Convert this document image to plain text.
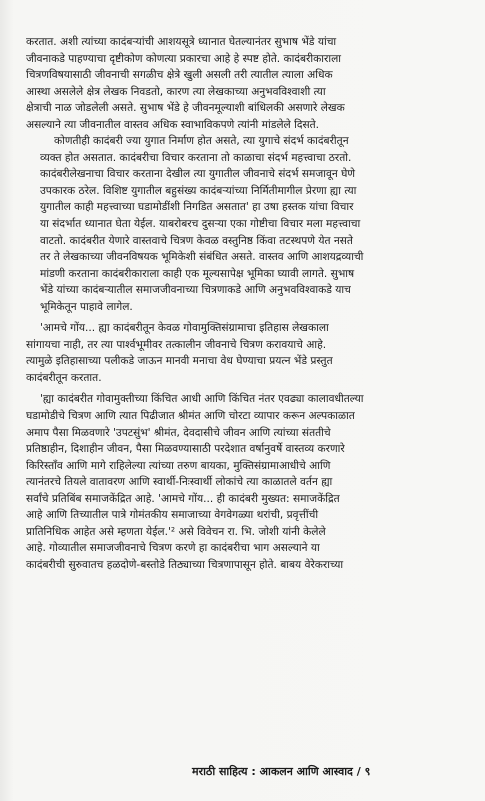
करतात. अशी त्यांच्या कादंबऱ्यांची आशयसूत्रे ध्यानात घेतल्यानंतर सुभाष भेंडे यांचा
जीवनाकडे पाहण्याचा दृष्टीकोण कोणत्या प्रकारचा आहे हे स्पष्ट होते. कादंबरीकाराला
चित्रणविषयासाठी जीवनाची सगळीच क्षेत्रे खुली असली तरी त्यातील त्याला अधिक
आस्था असलेले क्षेत्र लेखक निवडतो, कारण त्या लेखकाच्या अनुभवविश्वाशी त्या
क्षेत्राची नाळ जोडलेली असते. सुभाष भेंडे हे जीवनमूल्याशी बांधिलकी असणारे लेखक
असल्याने त्या जीवनातील वास्तव अधिक स्वाभाविकपणे त्यांनी मांडलेले दिसते.
कोणतीही कादंबरी ज्या युगात निर्माण होत असते, त्या युगाचे संदर्भ कादंबरीतून
व्यक्त होत असतात. कादंबरीचा विचार करताना तो काळाचा संदर्भ महत्त्वाचा ठरतो.
कादंबरीलेखनाचा विचार करताना देखील त्या युगातील जीवनाचे संदर्भ समजावून घेणे
उपकारक ठरेल. विशिष्ट युगातील बहुसंख्य कादंबऱ्यांच्या निर्मितीमागील प्रेरणा ह्या त्या
युगातील काही महत्त्वाच्या घडामोडींशी निगडित असतात' हा उषा हस्तक यांचा विचार
या संदर्भात ध्यानात घेता येईल. याबरोबरच दुसऱ्या एका गोष्टीचा विचार मला महत्त्वाचा
वाटतो. कादंबरीत येणारे वास्तवाचे चित्रण केवळ वस्तुनिष्ठ किंवा तटस्थपणे येत नसते
तर ते लेखकाच्या जीवनविषयक भूमिकेशी संबंधित असते. वास्तव आणि आशयद्रव्याची
मांडणी करताना कादंबरीकाराला काही एक मूल्यसापेक्ष भूमिका घ्यावी लागते. सुभाष
भेंडे यांच्या कादंबऱ्यातील समाजजीवनाच्या चित्रणाकडे आणि अनुभवविश्वाकडे याच
भूमिकेतून पाहावे लागेल.
'आमचे गोंय... ह्या कादंबरीतून केवळ गोवामुक्तिसंग्रामाचा इतिहास लेखकाला
सांगायचा नाही, तर त्या पार्श्वभूमीवर तत्कालीन जीवनाचे चित्रण करावयाचे आहे.
त्यामुळे इतिहासाच्या पलीकडे जाऊन मानवी मनाचा वेध घेण्याचा प्रयत्न भेंडे प्रस्तुत
कादंबरीतून करतात.
'ह्या कादंबरीत गोवामुक्तीच्या किंचित आधी आणि किंचित नंतर एवढ्या कालावधीतल्या
घडामोडीचे चित्रण आणि त्यात पिढीजात श्रीमंत आणि चोरटा व्यापार करून अल्पकाळात
अमाप पैसा मिळवणारे 'उपटसुंभ' श्रीमंत, देवदासीचे जीवन आणि त्यांच्या संततीचे
प्रतिष्ठाहीन, दिशाहीन जीवन, पैसा मिळवण्यासाठी परदेशात वर्षानुवर्षे वास्तव्य करणारे
किरिस्ताँव आणि मागे राहिलेल्या त्यांच्या तरुण बायका, मुक्तिसंग्रामाआधीचे आणि
त्यानंतरचे तियले वातावरण आणि स्वार्थी-निःस्वार्थी लोकांचे त्या काळातले वर्तन ह्या
सर्वांचे प्रतिबिंब समाजकेंद्रित आहे. 'आमचे गोंय... ही कादंबरी मुख्यत: समाजकेंद्रित
आहे आणि तिच्यातील पात्रे गोमंतकीय समाजाच्या वेगवेगळ्या थरांची, प्रवृत्तींची
प्रातिनिधिक आहेत असे म्हणता येईल.'² असे विवेचन रा. भि. जोशी यांनी केलेले
आहे. गोव्यातील समाजजीवनाचे चित्रण करणे हा कादंबरीचा भाग असल्याने या
कादंबरीची सुरुवातच हळदोणे-बस्तोडे तिठ्याच्या चित्रणापासून होते. बाबय वेरेकराच्या
मराठी साहित्य : आकलन आणि आस्वाद / ९
